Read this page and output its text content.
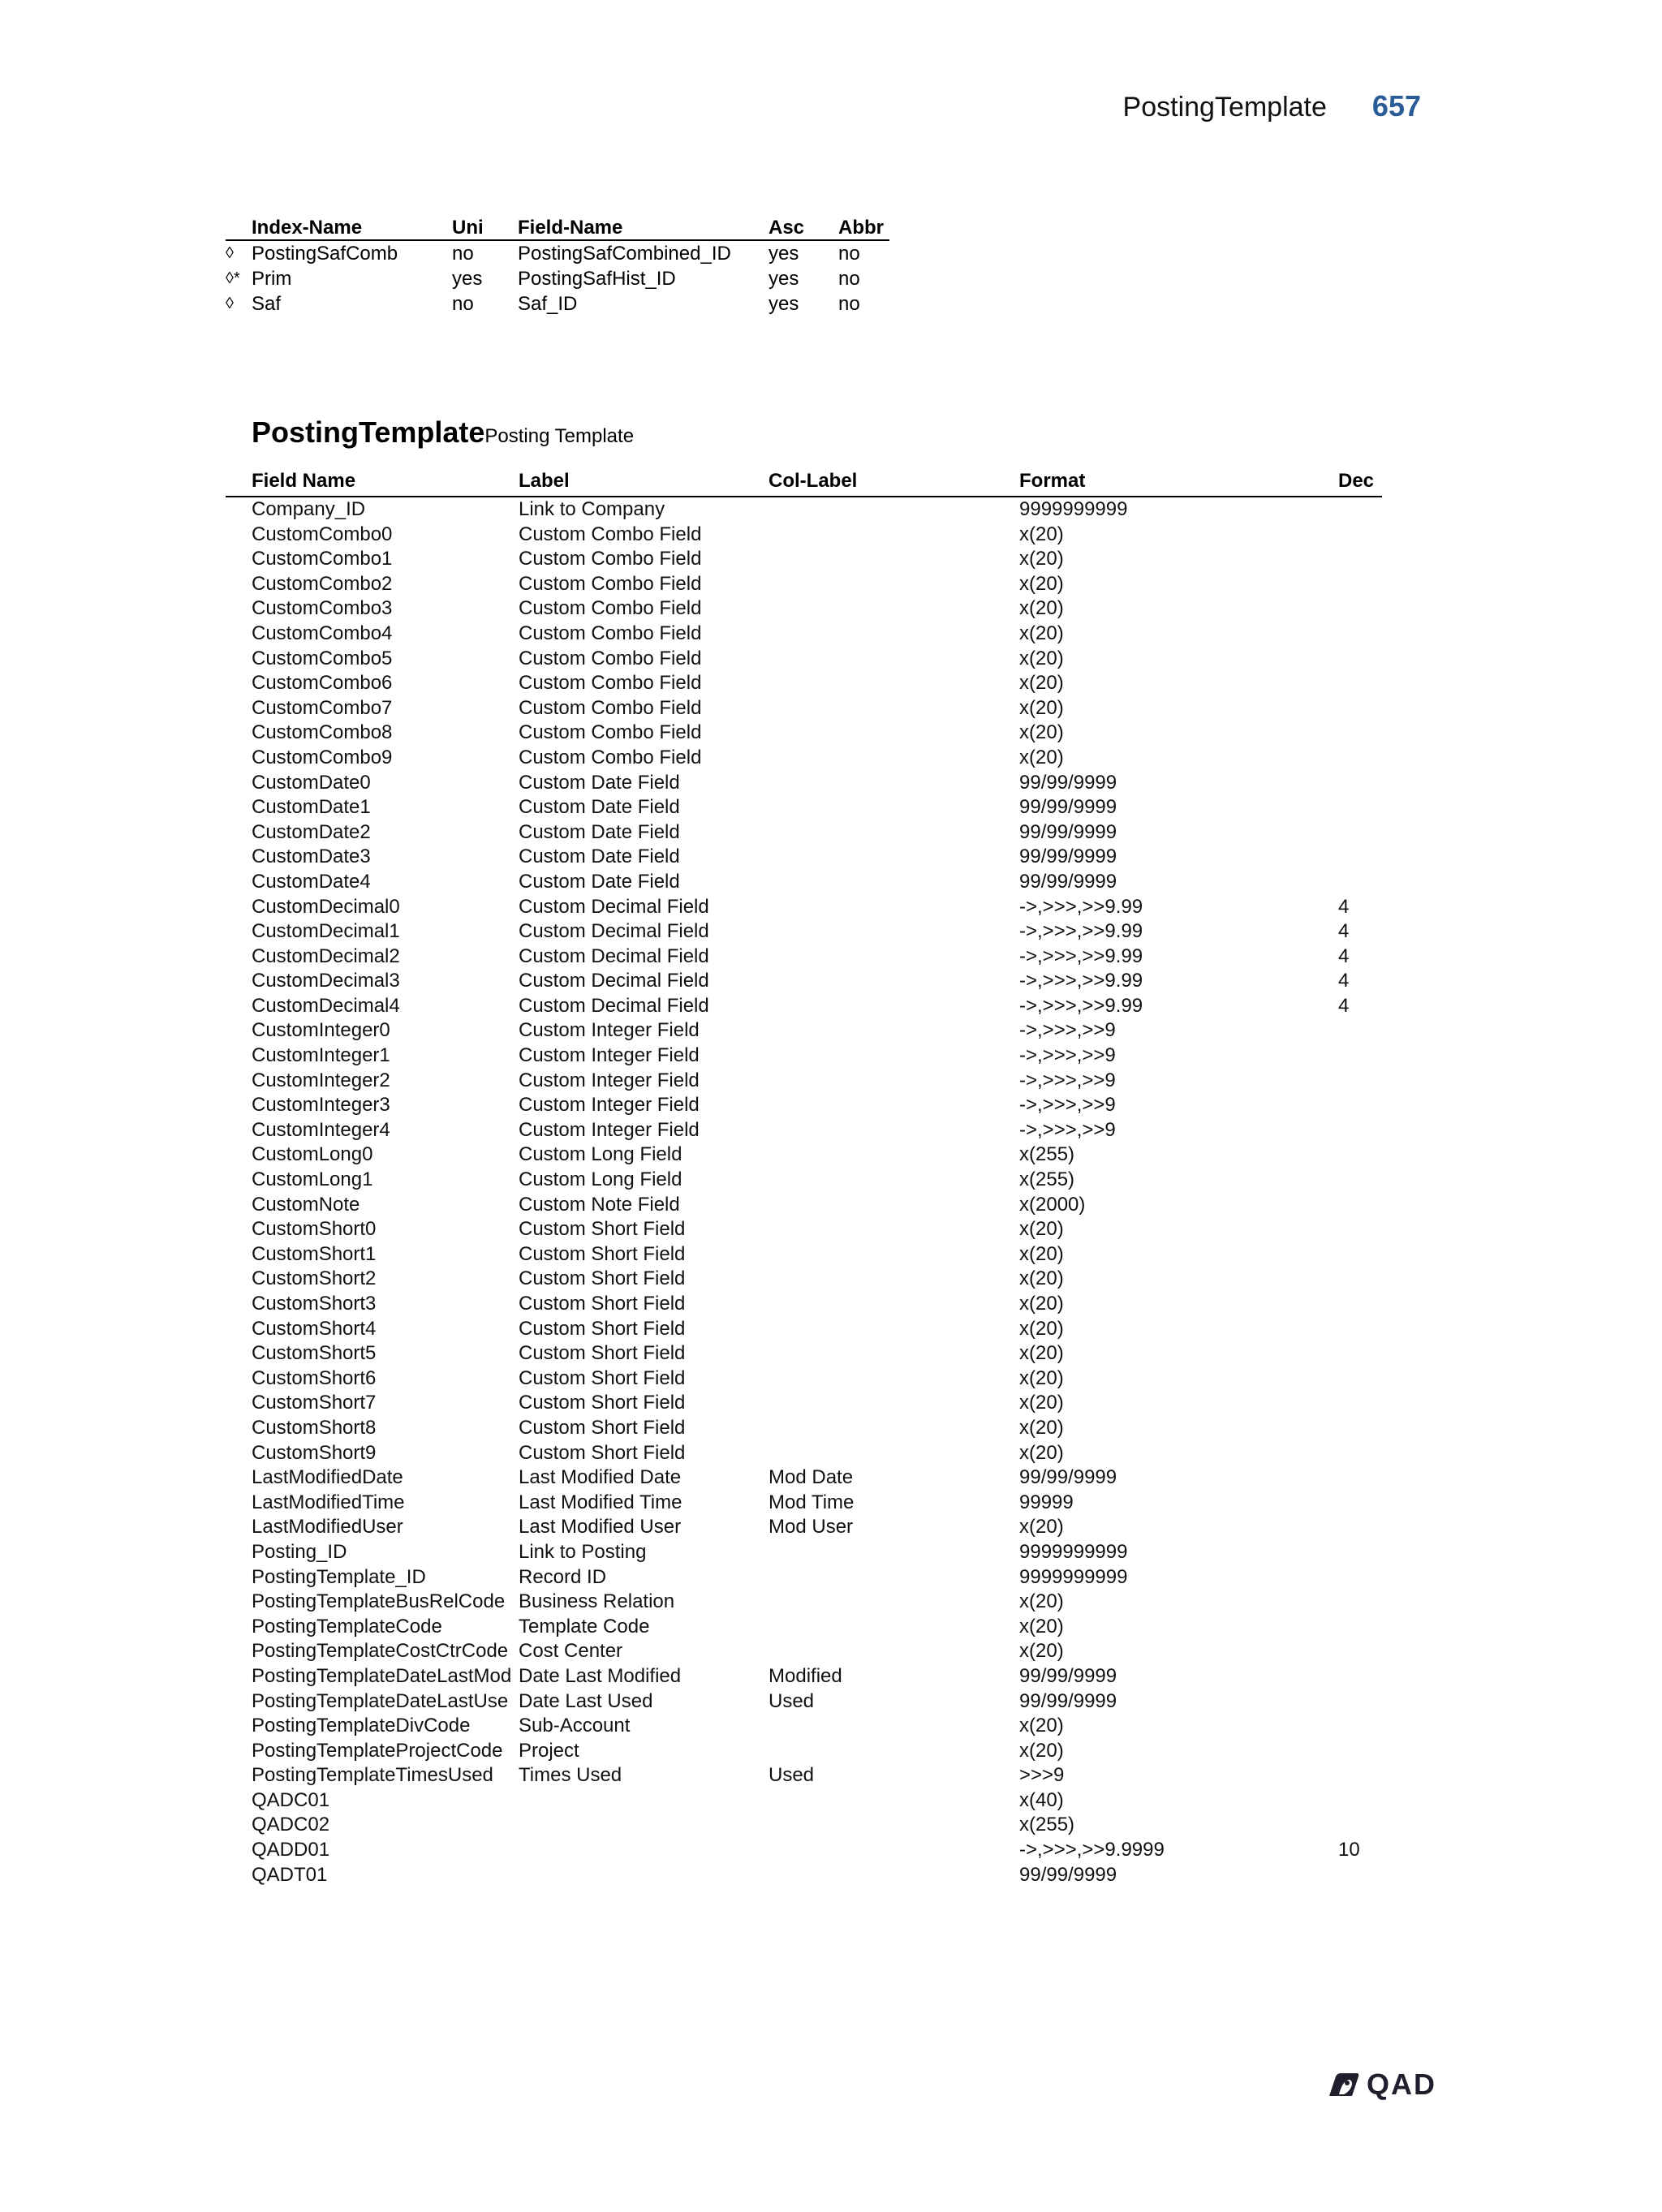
PostingTemplate 657
Index-Name	Uni Field-Name	Asc Abbr
◊ PostingSafComb	no PostingSafCombined_ID yes no
◊* Prim	yes PostingSafHist_ID	yes no
◊ Saf	no Saf_ID	yes no
PostingTemplatePosting Template
Field Name	Label	Col-Label	Format	Dec
Company_ID	Link to Company	9999999999
CustomCombo0	Custom Combo Field	x(20)
CustomCombo1	Custom Combo Field	x(20)
CustomCombo2	Custom Combo Field	x(20)
CustomCombo3	Custom Combo Field	x(20)
CustomCombo4	Custom Combo Field	x(20)
CustomCombo5	Custom Combo Field	x(20)
CustomCombo6	Custom Combo Field	x(20)
CustomCombo7	Custom Combo Field	x(20)
CustomCombo8	Custom Combo Field	x(20)
CustomCombo9	Custom Combo Field	x(20)
CustomDate0	Custom Date Field	99/99/9999
CustomDate1	Custom Date Field	99/99/9999
CustomDate2	Custom Date Field	99/99/9999
CustomDate3	Custom Date Field	99/99/9999
CustomDate4	Custom Date Field	99/99/9999
CustomDecimal0	Custom Decimal Field	->,>>>,>>9.99	4
CustomDecimal1	Custom Decimal Field	->,>>>,>>9.99	4
CustomDecimal2	Custom Decimal Field	->,>>>,>>9.99	4
CustomDecimal3	Custom Decimal Field	->,>>>,>>9.99	4
CustomDecimal4	Custom Decimal Field	->,>>>,>>9.99	4
CustomInteger0	Custom Integer Field	->,>>>,>>9
CustomInteger1	Custom Integer Field	->,>>>,>>9
CustomInteger2	Custom Integer Field	->,>>>,>>9
CustomInteger3	Custom Integer Field	->,>>>,>>9
CustomInteger4	Custom Integer Field	->,>>>,>>9
CustomLong0	Custom Long Field	x(255)
CustomLong1	Custom Long Field	x(255)
CustomNote	Custom Note Field	x(2000)
CustomShort0	Custom Short Field	x(20)
CustomShort1	Custom Short Field	x(20)
CustomShort2	Custom Short Field	x(20)
CustomShort3	Custom Short Field	x(20)
CustomShort4	Custom Short Field	x(20)
CustomShort5	Custom Short Field	x(20)
CustomShort6	Custom Short Field	x(20)
CustomShort7	Custom Short Field	x(20)
CustomShort8	Custom Short Field	x(20)
CustomShort9	Custom Short Field	x(20)
LastModifiedDate	Last Modified Date	Mod Date	99/99/9999
LastModifiedTime	Last Modified Time	Mod Time	99999
LastModifiedUser	Last Modified User	Mod User	x(20)
Posting_ID	Link to Posting	9999999999
PostingTemplate_ID	Record ID	9999999999
PostingTemplateBusRelCode Business Relation	x(20)
PostingTemplateCode	Template Code	x(20)
PostingTemplateCostCtrCode Cost Center	x(20)
PostingTemplateDateLastMod Date Last Modified	Modified	99/99/9999
PostingTemplateDateLastUse Date Last Used	Used	99/99/9999
PostingTemplateDivCode Sub-Account	x(20)
PostingTemplateProjectCode Project	x(20)
PostingTemplateTimesUsed Times Used	Used	>>>9
QADC01	x(40)
QADC02	x(255)
QADD01	->,>>>,>>9.9999	10
QADT01	99/99/9999
QAD
